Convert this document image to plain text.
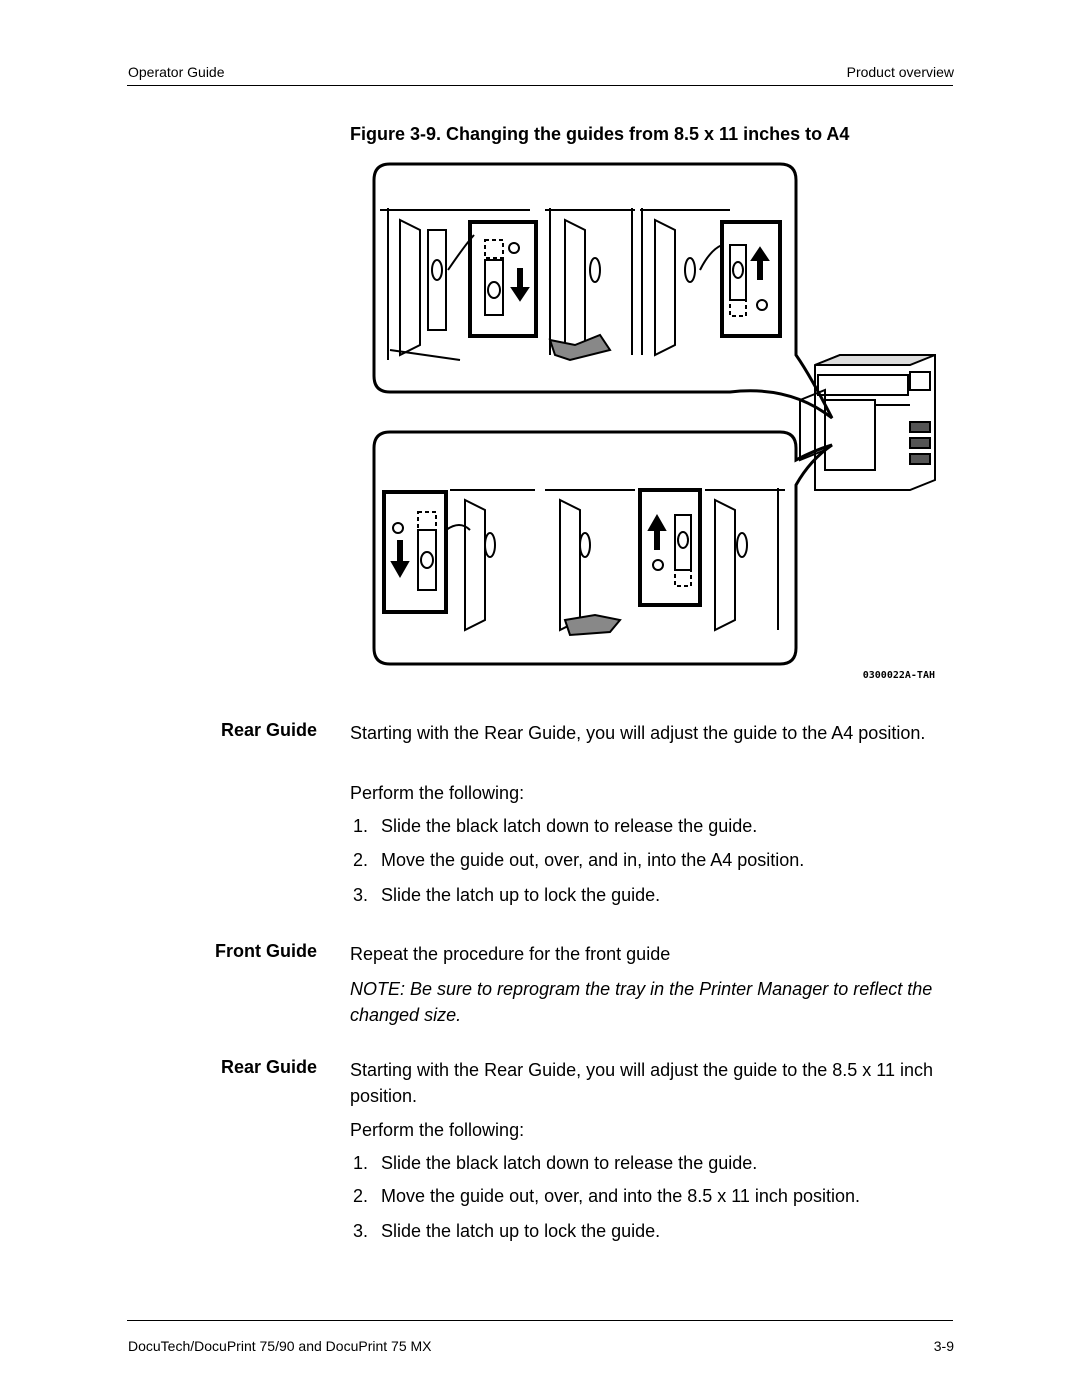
Operator Guide	Product overview
Figure 3-9. Changing the guides from 8.5 x 11 inches to A4
0300022A-TAH
Rear Guide Starting with the Rear Guide, you will adjust the guide to the A4 position.
Perform the following:
1. Slide the black latch down to release the guide.
2. Move the guide out, over, and in, into the A4 position.
3. Slide the latch up to lock the guide.
Front Guide Repeat the procedure for the front guide
NOTE: Be sure to reprogram the tray in the Printer Manager to reflect the changed size.
Rear Guide Starting with the Rear Guide, you will adjust the guide to the 8.5 x 11 inch position.
Perform the following:
1. Slide the black latch down to release the guide.
2. Move the guide out, over, and into the 8.5 x 11 inch position.
3. Slide the latch up to lock the guide.
DocuTech/DocuPrint 75/90 and DocuPrint 75 MX	3-9
